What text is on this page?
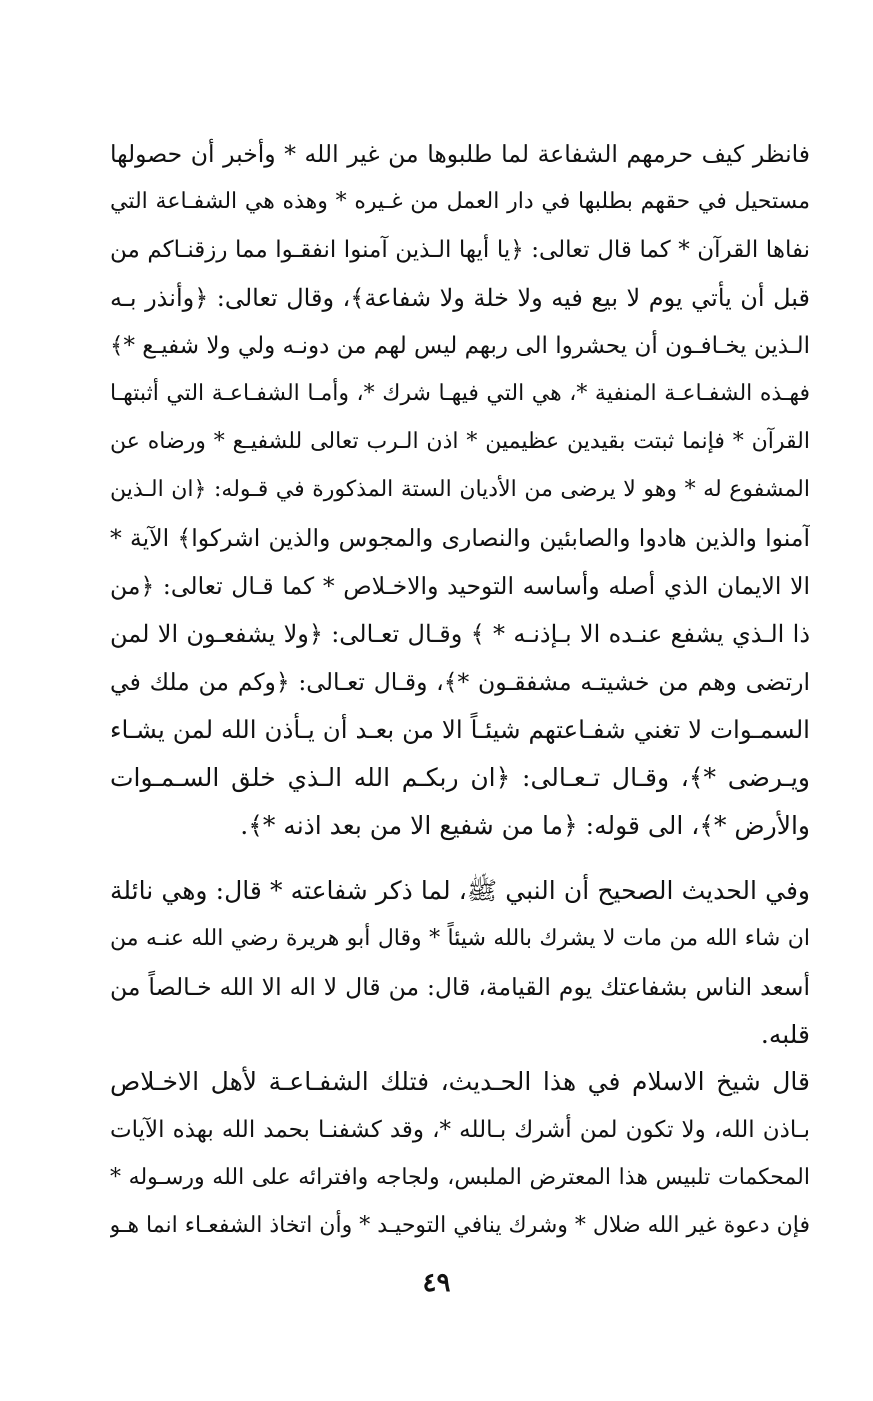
فانظر كيف حرمهم الشفاعة لما طلبوها من غير الله * وأخبر أن حصولها
مستحيل في حقهم بطلبها في دار العمل من غـيره * وهذه هي الشفـاعة التي
نفاها القرآن * كما قال تعالى: ﴿يا أيها الـذين آمنوا انفقـوا مما رزقنـاكم من
قبل أن يأتي يوم لا بيع فيه ولا خلة ولا شفاعة﴾، وقال تعالى: ﴿وأنذر بـه
الـذين يخـافـون أن يحشروا الى ربهم ليس لهم من دونـه ولي ولا شفيـع *﴾
فهـذه الشفـاعـة المنفية *، هي التي فيهـا شرك *، وأمـا الشفـاعـة التي أثبتهـا
القرآن * فإنما ثبتت بقيدين عظيمين * اذن الـرب تعالى للشفيـع * ورضاه عن
المشفوع له * وهو لا يرضى من الأديان الستة المذكورة في قـوله: ﴿ان الـذين
آمنوا والذين هادوا والصابئين والنصارى والمجوس والذين اشركوا﴾ الآية *
الا الايمان الذي أصله وأساسه التوحيد والاخـلاص * كما قـال تعالى: ﴿من
ذا الـذي يشفع عنـده الا بـإذنـه * ﴾ وقـال تعـالى: ﴿ولا يشفعـون الا لمن
ارتضى وهم من خشيتـه مشفقـون *﴾، وقـال تعـالى: ﴿وكم من ملك في
السمـوات لا تغني شفـاعتهم شيئـاً الا من بعـد أن يـأذن الله لمن يشـاء
ويـرضى *﴾، وقـال تـعـالى: ﴿ان ربكـم الله الـذي خلق السـمـوات
والأرض *﴾، الى قوله: ﴿ما من شفيع الا من بعد اذنه *﴾.
وفي الحديث الصحيح أن النبي ﷺ، لما ذكر شفاعته * قال: وهي نائلة
ان شاء الله من مات لا يشرك بالله شيئاً * وقال أبو هريرة رضي الله عنـه من
أسعد الناس بشفاعتك يوم القيامة، قال: من قال لا اله الا الله خـالصاً من
قلبه.
قال شيخ الاسلام في هذا الحـديث، فتلك الشفـاعـة لأهل الاخـلاص
بـاذن الله، ولا تكون لمن أشرك بـالله *، وقد كشفنـا بحمد الله بهذه الآيات
المحكمات تلبيس هذا المعترض الملبس، ولجاجه وافترائه على الله ورسـوله *
فإن دعوة غير الله ضلال * وشرك ينافي التوحيـد * وأن اتخاذ الشفعـاء انما هـو
٤٩
